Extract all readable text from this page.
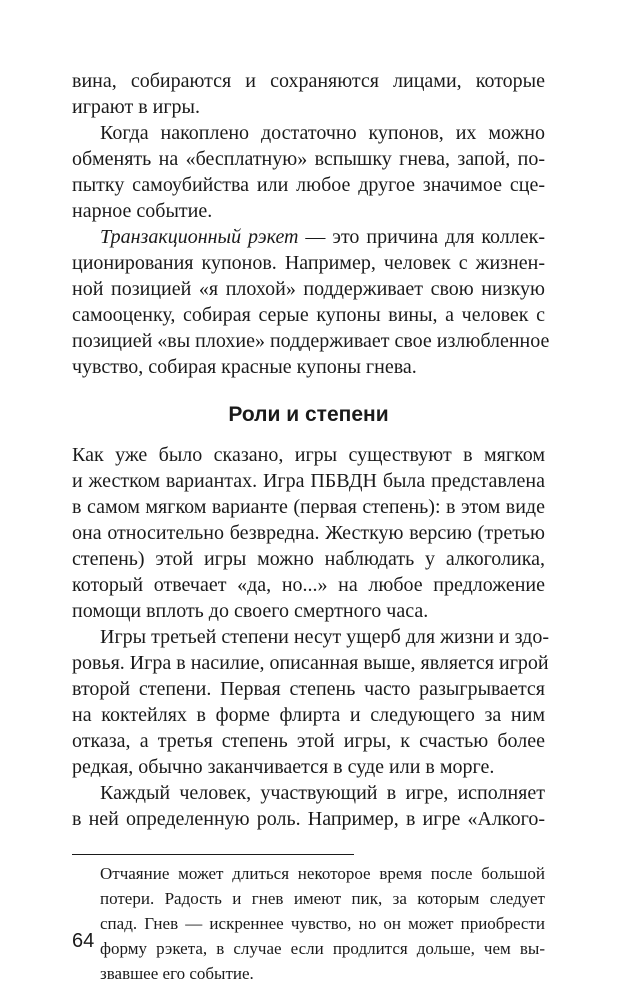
вина, собираются и сохраняются лицами, которые
играют в игры.
Когда накоплено достаточно купонов, их можно
обменять на «бесплатную» вспышку гнева, запой, по-
пытку самоубийства или любое другое значимое сце-
нарное событие.
Транзакционный рэкет — это причина для коллек-
ционирования купонов. Например, человек с жизнен-
ной позицией «я плохой» поддерживает свою низкую
самооценку, собирая серые купоны вины, а человек с
позицией «вы плохие» поддерживает свое излюбленное
чувство, собирая красные купоны гнева.
Роли и степени
Как уже было сказано, игры существуют в мягком
и жестком вариантах. Игра ПБВДН была представлена
в самом мягком варианте (первая степень): в этом виде
она относительно безвредна. Жесткую версию (третью
степень) этой игры можно наблюдать у алкоголика,
который отвечает «да, но...» на любое предложение
помощи вплоть до своего смертного часа.
Игры третьей степени несут ущерб для жизни и здо-
ровья. Игра в насилие, описанная выше, является игрой
второй степени. Первая степень часто разыгрывается
на коктейлях в форме флирта и следующего за ним
отказа, а третья степень этой игры, к счастью более
редкая, обычно заканчивается в суде или в морге.
Каждый человек, участвующий в игре, исполняет
в ней определенную роль. Например, в игре «Алкого-
Отчаяние может длиться некоторое время после большой
потери. Радость и гнев имеют пик, за которым следует
спад. Гнев — искреннее чувство, но он может приобрести
форму рэкета, в случае если продлится дольше, чем вы-
звавшее его событие.
64
